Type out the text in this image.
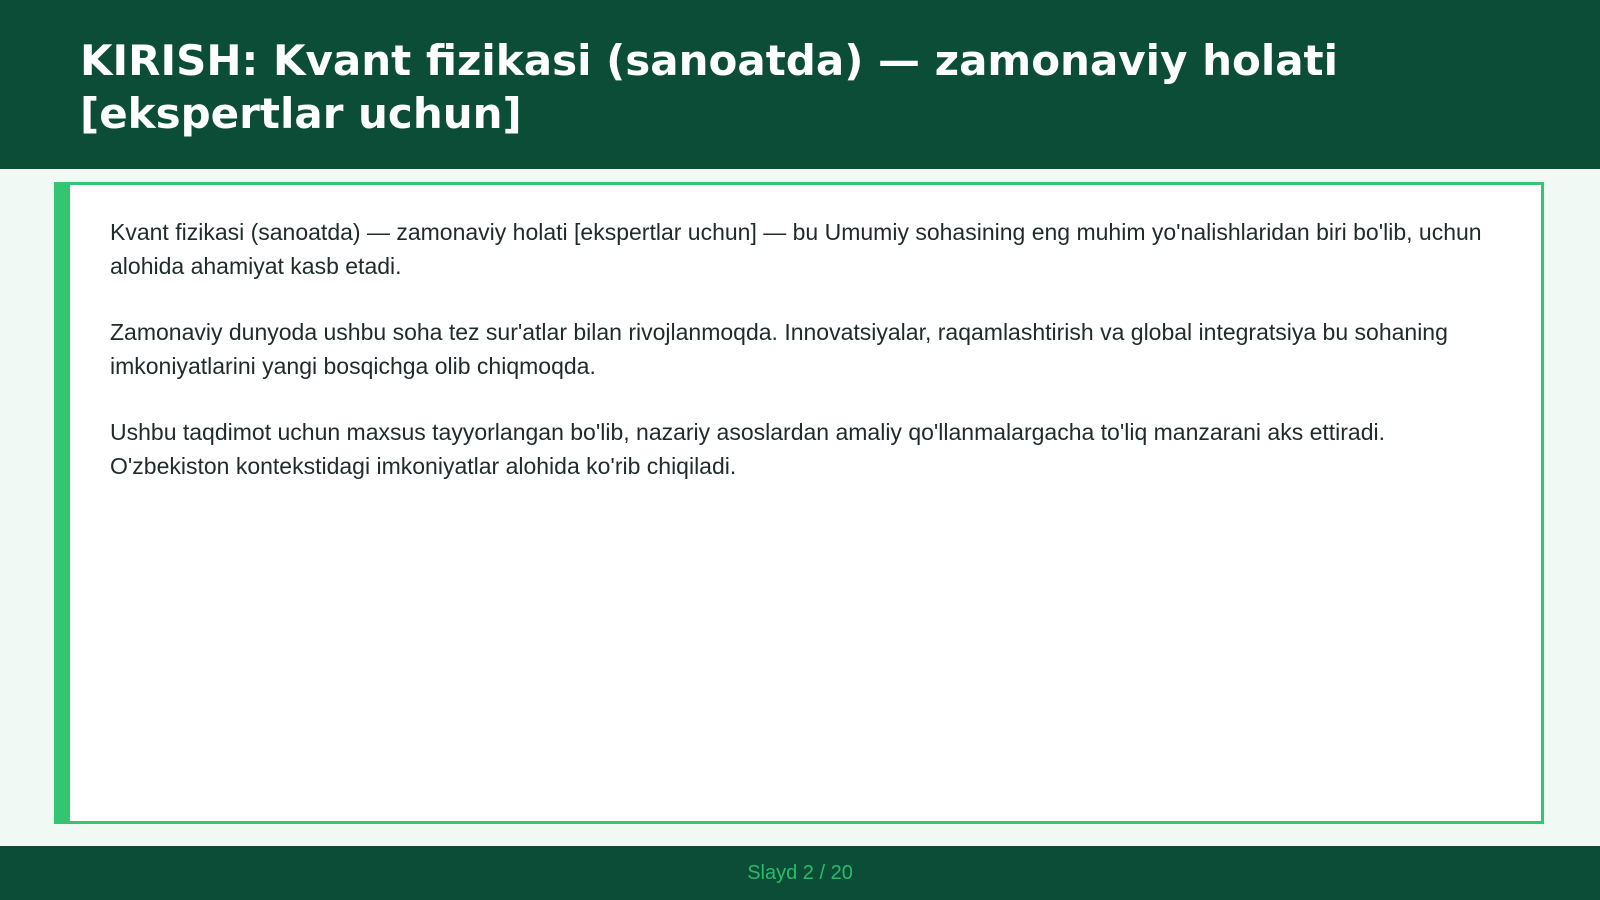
KIRISH: Kvant fizikasi (sanoatda) — zamonaviy holati [ekspertlar uchun]

Kvant fizikasi (sanoatda) — zamonaviy holati [ekspertlar uchun] — bu Umumiy sohasining eng muhim yo'nalishlaridan biri bo'lib, uchun alohida ahamiyat kasb etadi.

Zamonaviy dunyoda ushbu soha tez sur'atlar bilan rivojlanmoqda. Innovatsiyalar, raqamlashtirish va global integratsiya bu sohaning imkoniyatlarini yangi bosqichga olib chiqmoqda.

Ushbu taqdimot uchun maxsus tayyorlangan bo'lib, nazariy asoslardan amaliy qo'llanmalargacha to'liq manzarani aks ettiradi. O'zbekiston kontekstidagi imkoniyatlar alohida ko'rib chiqiladi.

Slayd 2 / 20
